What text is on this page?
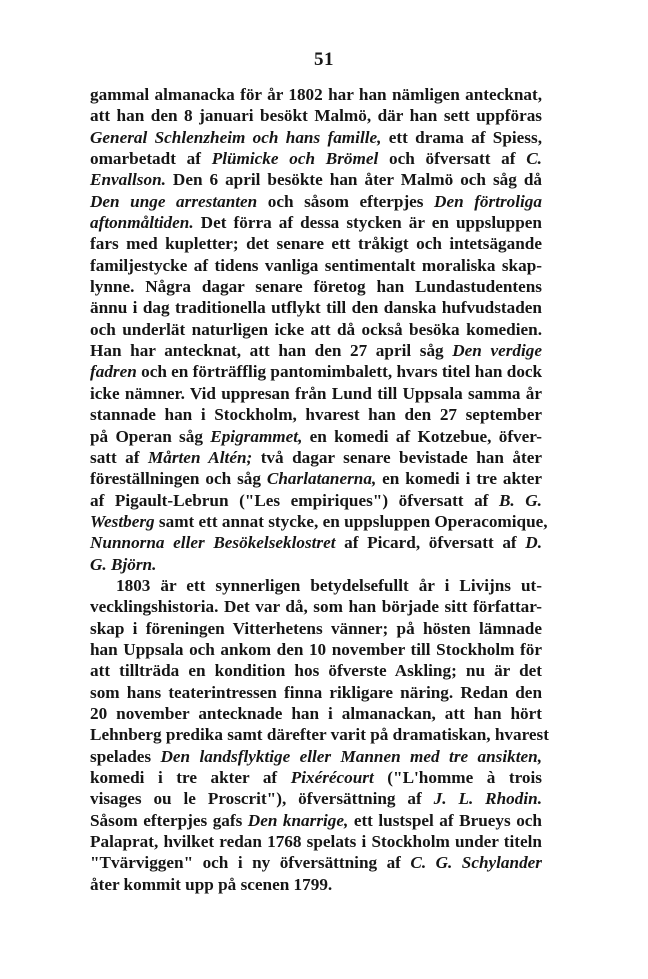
51
gammal almanacka för år 1802 har han nämligen antecknat,
att han den 8 januari besökt Malmö, där han sett uppföras
General Schlenzheim och hans famille, ett drama af Spiess,
omarbetadt af Plümicke och Brömel och öfversatt af C.
Envallson. Den 6 april besökte han åter Malmö och såg då
Den unge arrestanten och såsom efterpjes Den förtroliga
aftonmåltiden. Det förra af dessa stycken är en uppsluppen
fars med kupletter; det senare ett tråkigt och intetsägande
familjestycke af tidens vanliga sentimentalt moraliska skap-
lynne. Några dagar senare företog han Lundastudentens
ännu i dag traditionella utflykt till den danska hufvudstaden
och underlät naturligen icke att då också besöka komedien.
Han har antecknat, att han den 27 april såg Den verdige
fadren och en förträfflig pantomimbalett, hvars titel han dock
icke nämner. Vid uppresan från Lund till Uppsala samma år
stannade han i Stockholm, hvarest han den 27 september
på Operan såg Epigrammet, en komedi af Kotzebue, öfver-
satt af Mårten Altén; två dagar senare bevistade han åter
föreställningen och såg Charlatanerna, en komedi i tre akter
af Pigault-Lebrun ("Les empiriques") öfversatt af B. G.
Westberg samt ett annat stycke, en uppsluppen Operacomique,
Nunnorna eller Besökelseklostret af Picard, öfversatt af D.
G. Björn.
1803 är ett synnerligen betydelsefullt år i Livijns ut-
vecklingshistoria. Det var då, som han började sitt författar-
skap i föreningen Vitterhetens vänner; på hösten lämnade
han Uppsala och ankom den 10 november till Stockholm för
att tillträda en kondition hos öfverste Askling; nu är det
som hans teaterintressen finna rikligare näring. Redan den
20 november antecknade han i almanackan, att han hört
Lehnberg predika samt därefter varit på dramatiskan, hvarest
spelades Den landsflyktige eller Mannen med tre ansikten,
komedi i tre akter af Pixérécourt ("L'homme à trois
visages ou le Proscrit"), öfversättning af J. L. Rhodin.
Såsom efterpjes gafs Den knarrige, ett lustspel af Brueys och
Palaprat, hvilket redan 1768 spelats i Stockholm under titeln
"Tvärviggen" och i ny öfversättning af C. G. Schylander
åter kommit upp på scenen 1799.
